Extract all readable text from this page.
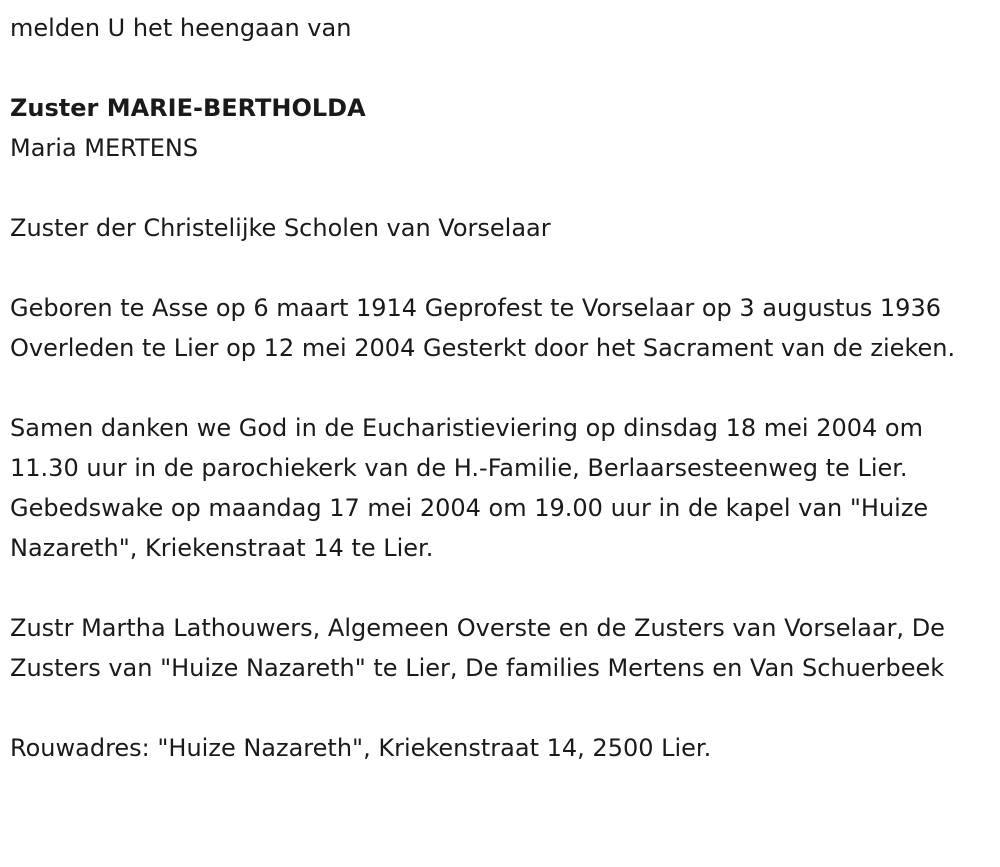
melden U het heengaan van
Zuster MARIE-BERTHOLDA
Maria MERTENS
Zuster der Christelijke Scholen van Vorselaar
Geboren te Asse op 6 maart 1914 Geprofest te Vorselaar op 3 augustus 1936 Overleden te Lier op 12 mei 2004 Gesterkt door het Sacrament van de zieken.
Samen danken we God in de Eucharistieviering op dinsdag 18 mei 2004 om 11.30 uur in de parochiekerk van de H.-Familie, Berlaarsesteenweg te Lier. Gebedswake op maandag 17 mei 2004 om 19.00 uur in de kapel van "Huize Nazareth", Kriekenstraat 14 te Lier.
Zustr Martha Lathouwers, Algemeen Overste en de Zusters van Vorselaar, De Zusters van "Huize Nazareth" te Lier, De families Mertens en Van Schuerbeek
Rouwadres: "Huize Nazareth", Kriekenstraat 14, 2500 Lier.
